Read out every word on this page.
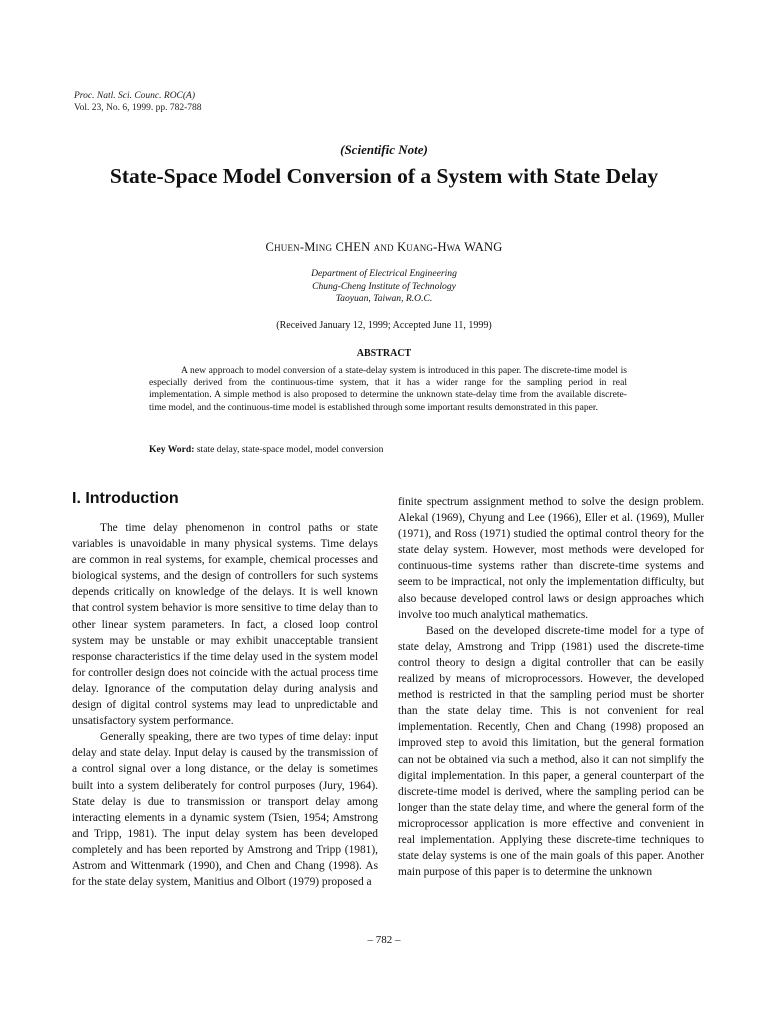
Proc. Natl. Sci. Counc. ROC(A)
Vol. 23, No. 6, 1999. pp. 782-788
(Scientific Note)
State-Space Model Conversion of a System with State Delay
Chuen-Ming CHEN and Kuang-Hwa WANG
Department of Electrical Engineering
Chung-Cheng Institute of Technology
Taoyuan, Taiwan, R.O.C.
(Received January 12, 1999; Accepted June 11, 1999)
ABSTRACT
A new approach to model conversion of a state-delay system is introduced in this paper. The discrete-time model is especially derived from the continuous-time system, that it has a wider range for the sampling period in real implementation. A simple method is also proposed to determine the unknown state-delay time from the available discrete-time model, and the continuous-time model is established through some important results demonstrated in this paper.
Key Word: state delay, state-space model, model conversion
I. Introduction

The time delay phenomenon in control paths or state variables is unavoidable in many physical systems. Time delays are common in real systems, for example, chemical processes and biological systems, and the design of controllers for such systems depends critically on knowledge of the delays. It is well known that control system behavior is more sensitive to time delay than to other linear system parameters. In fact, a closed loop control system may be unstable or may exhibit unacceptable transient response characteristics if the time delay used in the system model for controller design does not coincide with the actual process time delay. Ignorance of the computation delay during analysis and design of digital control systems may lead to unpredictable and unsatisfactory system performance.

Generally speaking, there are two types of time delay: input delay and state delay. Input delay is caused by the transmission of a control signal over a long distance, or the delay is sometimes built into a system deliberately for control purposes (Jury, 1964). State delay is due to transmission or transport delay among interacting elements in a dynamic system (Tsien, 1954; Amstrong and Tripp, 1981). The input delay system has been developed completely and has been reported by Amstrong and Tripp (1981), Astrom and Wittenmark (1990), and Chen and Chang (1998). As for the state delay system, Manitius and Olbort (1979) proposed a

finite spectrum assignment method to solve the design problem. Alekal (1969), Chyung and Lee (1966), Eller et al. (1969), Muller (1971), and Ross (1971) studied the optimal control theory for the state delay system. However, most methods were developed for continuous-time systems rather than discrete-time systems and seem to be impractical, not only the implementation difficulty, but also because developed control laws or design approaches which involve too much analytical mathematics.

Based on the developed discrete-time model for a type of state delay, Amstrong and Tripp (1981) used the discrete-time control theory to design a digital controller that can be easily realized by means of microprocessors. However, the developed method is restricted in that the sampling period must be shorter than the state delay time. This is not convenient for real implementation. Recently, Chen and Chang (1998) proposed an improved step to avoid this limitation, but the general formation can not be obtained via such a method, also it can not simplify the digital implementation. In this paper, a general counterpart of the discrete-time model is derived, where the sampling period can be longer than the state delay time, and where the general form of the microprocessor application is more effective and convenient in real implementation. Applying these discrete-time techniques to state delay systems is one of the main goals of this paper. Another main purpose of this paper is to determine the unknown

– 782 –
